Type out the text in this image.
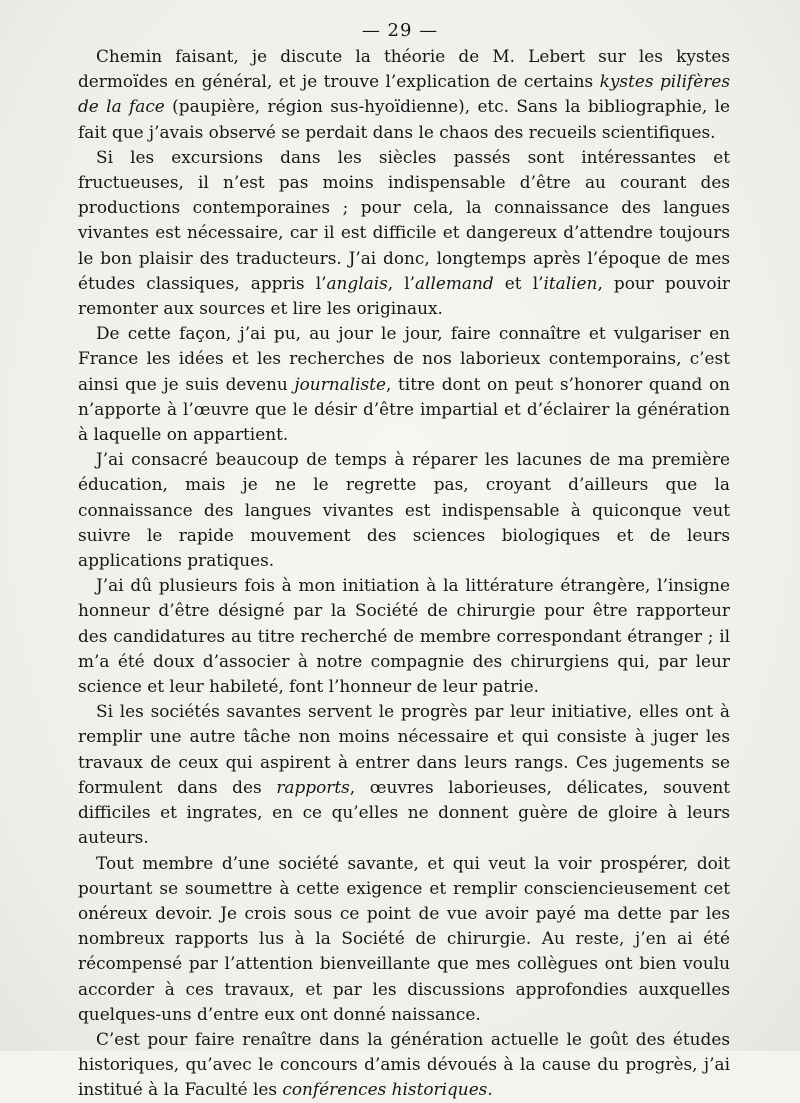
— 29 —

Chemin faisant, je discute la théorie de M. Lebert sur les kystes dermoïdes en général, et je trouve l’explication de certains kystes pilifères de la face (paupière, région sus-hyoïdienne), etc. Sans la bibliographie, le fait que j’avais observé se perdait dans le chaos des recueils scientifiques.

Si les excursions dans les siècles passés sont intéressantes et fructueuses, il n’est pas moins indispensable d’être au courant des productions contemporaines ; pour cela, la connaissance des langues vivantes est nécessaire, car il est difficile et dangereux d’attendre toujours le bon plaisir des traducteurs. J’ai donc, longtemps après l’époque de mes études classiques, appris l’anglais, l’allemand et l’italien, pour pouvoir remonter aux sources et lire les originaux.

De cette façon, j’ai pu, au jour le jour, faire connaître et vulgariser en France les idées et les recherches de nos laborieux contemporains, c’est ainsi que je suis devenu journaliste, titre dont on peut s’honorer quand on n’apporte à l’œuvre que le désir d’être impartial et d’éclairer la génération à laquelle on appartient.

J’ai consacré beaucoup de temps à réparer les lacunes de ma première éducation, mais je ne le regrette pas, croyant d’ailleurs que la connaissance des langues vivantes est indispensable à quiconque veut suivre le rapide mouvement des sciences biologiques et de leurs applications pratiques.

J’ai dû plusieurs fois à mon initiation à la littérature étrangère, l’insigne honneur d’être désigné par la Société de chirurgie pour être rapporteur des candidatures au titre recherché de membre correspondant étranger ; il m’a été doux d’associer à notre compagnie des chirurgiens qui, par leur science et leur habileté, font l’honneur de leur patrie.

Si les sociétés savantes servent le progrès par leur initiative, elles ont à remplir une autre tâche non moins nécessaire et qui consiste à juger les travaux de ceux qui aspirent à entrer dans leurs rangs. Ces jugements se formulent dans des rapports, œuvres laborieuses, délicates, souvent difficiles et ingrates, en ce qu’elles ne donnent guère de gloire à leurs auteurs.

Tout membre d’une société savante, et qui veut la voir prospérer, doit pourtant se soumettre à cette exigence et remplir consciencieusement cet onéreux devoir. Je crois sous ce point de vue avoir payé ma dette par les nombreux rapports lus à la Société de chirurgie. Au reste, j’en ai été récompensé par l’attention bienveillante que mes collègues ont bien voulu accorder à ces travaux, et par les discussions approfondies auxquelles quelques-uns d’entre eux ont donné naissance.

C’est pour faire renaître dans la génération actuelle le goût des études historiques, qu’avec le concours d’amis dévoués à la cause du progrès, j’ai institué à la Faculté les conférences historiques.
